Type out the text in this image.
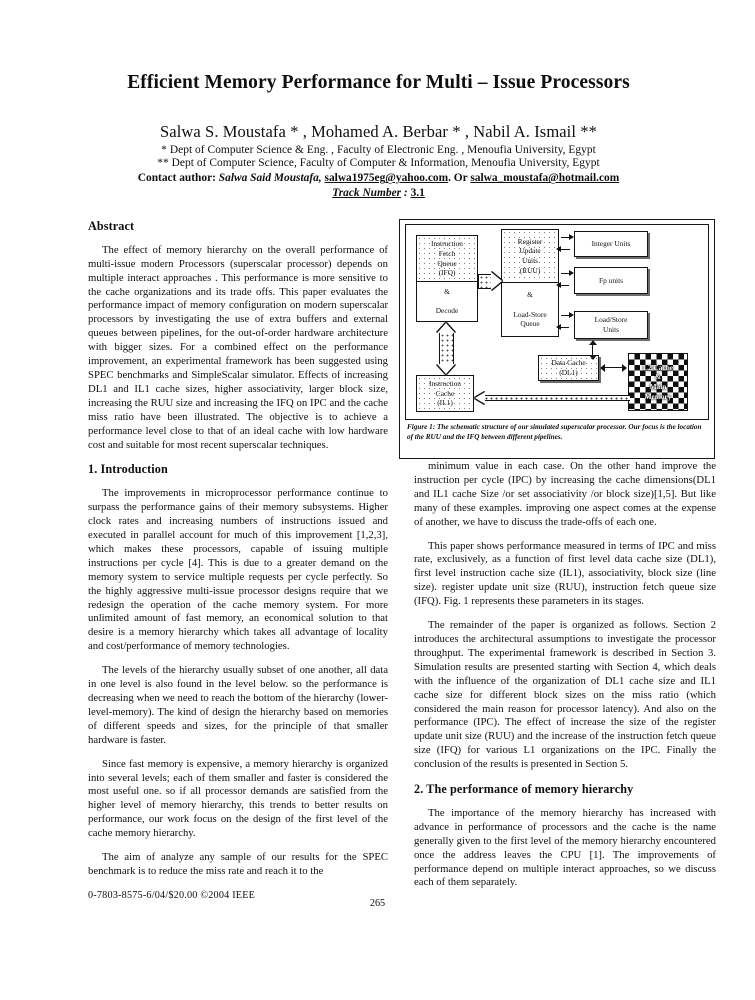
Efficient Memory Performance for Multi – Issue Processors

Salwa S. Moustafa * , Mohamed A. Berbar * , Nabil A. Ismail **

* Dept of Computer Science & Eng. , Faculty of Electronic Eng. , Menoufia University, Egypt

** Dept of Computer Science, Faculty of Computer & Information, Menoufia University, Egypt

Contact author: Salwa Said Moustafa, salwa1975eg@yahoo.com. Or salwa_moustafa@hotmail.com

Track Number : 3.1

Abstract

The effect of memory hierarchy on the overall performance of multi-issue modern Processors (superscalar processor) depends on multiple interact approaches . This performance is more sensitive to the cache organizations and its trade offs. This paper evaluates the performance impact of memory configuration on modern superscalar processors by investigating the use of extra buffers and external queues between pipelines, for the out-of-order hardware architecture with bigger sizes. For a combined effect on the performance improvement, an experimental framework has been suggested using SPEC benchmarks and SimpleScalar simulator. Effects of increasing DL1 and IL1 cache sizes, higher associativity, larger block size, increasing the RUU size and increasing the IFQ on IPC and the cache miss ratio have been illustrated. The objective is to achieve a performance level close to that of an ideal cache with low hardware cost and suitable for most recent superscalar techniques.

1. Introduction

The improvements in microprocessor performance continue to surpass the performance gains of their memory subsystems. Higher clock rates and increasing numbers of instructions issued and executed in parallel account for much of this improvement [1,2,3], which makes these processors, capable of issuing multiple instructions per cycle [4]. This is due to a greater demand on the memory system to service multiple requests per cycle perfectly. So the highly aggressive multi-issue processor designs require that we redesign the operation of the cache memory system. For more unlimited amount of fast memory, an economical solution to that desire is a memory hierarchy which takes all advantage of locality and cost/performance of memory technologies.

The levels of the hierarchy usually subset of one another, all data in one level is also found in the level below. so the performance is decreasing when we need to reach the bottom of the hierarchy (lower-level-memory). The kind of design the hierarchy based on memories of different speeds and sizes, for the principle of that smaller hardware is faster.

Since fast memory is expensive, a memory hierarchy is organized into several levels; each of them smaller and faster is considered the most useful one. so if all processor demands are satisfied from the higher level of memory hierarchy, this trends to better results on performance, our work focus on the design of the first level of the cache memory hierarchy.

The aim of analyze any sample of our results for the SPEC benchmark is to reduce the miss rate and reach it to the

Instruction
Fetch
Queue
(IFQ)
&

Decode
Register
Update
Units
(RUU)
&

Load-Store
Queue
Integer Units
Fp units
Load/Store
Units
Data Cache
(DL1)
Instruction
Cache
(IL1)
L2 Cache
&
Main
Memory
Figure 1: The schematic structure of our simulated superscalar processor. Our focus is the location of the RUU and the IFQ between different pipelines.

minimum value in each case. On the other hand improve the instruction per cycle (IPC) by increasing the cache dimensions(DL1 and IL1 cache Size /or set associativity /or block size)[1,5]. But like many of these examples. improving one aspect comes at the expense of another, we have to discuss the trade-offs of each one.

This paper shows performance measured in terms of IPC and miss rate, exclusively, as a function of first level data cache size (DL1), first level instruction cache size (IL1), associativity, block size (line size). register update unit size (RUU), instruction fetch queue size (IFQ). Fig. 1 represents these parameters in its stages.

The remainder of the paper is organized as follows. Section 2 introduces the architectural assumptions to investigate the processor throughput. The experimental framework is described in Section 3. Simulation results are presented starting with Section 4, which deals with the influence of the organization of DL1 cache size and IL1 cache size for different block sizes on the miss ratio (which considered the main reason for processor latency). And also on the performance (IPC). The effect of increase the size of the register update unit size (RUU) and the increase of the instruction fetch queue size (IFQ) for various L1 organizations on the IPC. Finally the conclusion of the results is presented in Section 5.

2. The performance of memory hierarchy

The importance of the memory hierarchy has increased with advance in performance of processors and the cache is the name generally given to the first level of the memory hierarchy encountered once the address leaves the CPU [1]. The improvements of performance depend on multiple interact approaches, so we discuss each of them separately.

0-7803-8575-6/04/$20.00 ©2004 IEEE
265
